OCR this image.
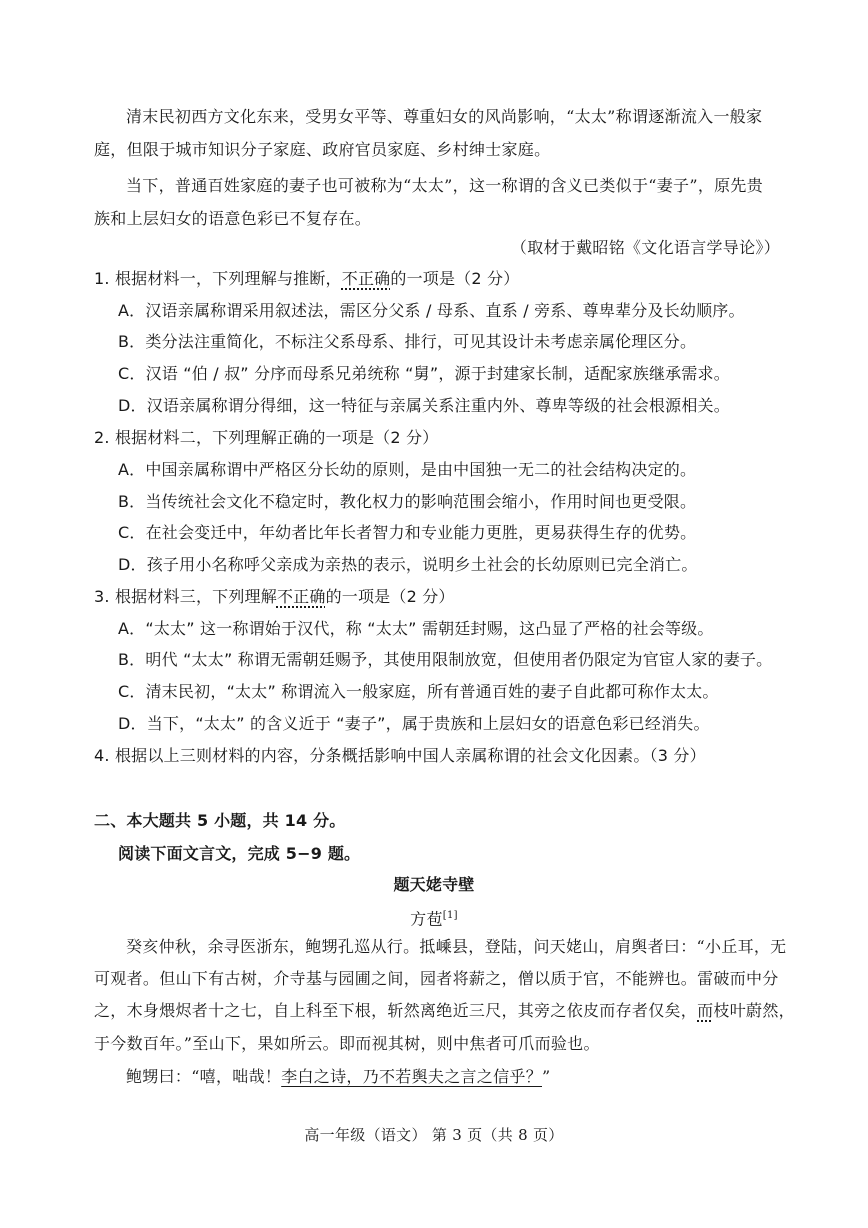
清末民初西方文化东来，受男女平等、尊重妇女的风尚影响，“太太”称谓逐渐流入一般家
庭，但限于城市知识分子家庭、政府官员家庭、乡村绅士家庭。
当下，普通百姓家庭的妻子也可被称为“太太”，这一称谓的含义已类似于“妻子”，原先贵
族和上层妇女的语意色彩已不复存在。
（取材于戴昭铭《文化语言学导论》）
1. 根据材料一，下列理解与推断，不正确的一项是（2 分）
A．汉语亲属称谓采用叙述法，需区分父系 / 母系、直系 / 旁系、尊卑辈分及长幼顺序。
B．类分法注重简化，不标注父系母系、排行，可见其设计未考虑亲属伦理区分。
C．汉语 “伯 / 叔” 分序而母系兄弟统称 “舅”，源于封建家长制，适配家族继承需求。
D．汉语亲属称谓分得细，这一特征与亲属关系注重内外、尊卑等级的社会根源相关。
2. 根据材料二，下列理解正确的一项是（2 分）
A．中国亲属称谓中严格区分长幼的原则，是由中国独一无二的社会结构决定的。
B．当传统社会文化不稳定时，教化权力的影响范围会缩小，作用时间也更受限。
C．在社会变迁中，年幼者比年长者智力和专业能力更胜，更易获得生存的优势。
D．孩子用小名称呼父亲成为亲热的表示，说明乡土社会的长幼原则已完全消亡。
3. 根据材料三，下列理解不正确的一项是（2 分）
A．“太太” 这一称谓始于汉代，称 “太太” 需朝廷封赐，这凸显了严格的社会等级。
B．明代 “太太” 称谓无需朝廷赐予，其使用限制放宽，但使用者仍限定为官宦人家的妻子。
C．清末民初，“太太” 称谓流入一般家庭，所有普通百姓的妻子自此都可称作太太。
D．当下，“太太” 的含义近于 “妻子”，属于贵族和上层妇女的语意色彩已经消失。
4. 根据以上三则材料的内容，分条概括影响中国人亲属称谓的社会文化因素。（3 分）
二、本大题共 5 小题，共 14 分。
阅读下面文言文，完成 5−9 题。
题天姥寺壁
方苞[1]
癸亥仲秋，余寻医浙东，鲍甥孔巡从行。抵嵊县，登陆，问天姥山，肩舆者曰：“小丘耳，无
可观者。但山下有古树，介寺基与园圃之间，园者将薪之，僧以质于官，不能辨也。雷破而中分
之，木身煨烬者十之七，自上科至下根，斩然离绝近三尺，其旁之依皮而存者仅矣，而枝叶蔚然，
于今数百年。”至山下，果如所云。即而视其树，则中焦者可爪而验也。
鲍甥曰：“嘻，咄哉！李白之诗，乃不若舆夫之言之信乎？”
高一年级（语文） 第 3 页（共 8 页）
